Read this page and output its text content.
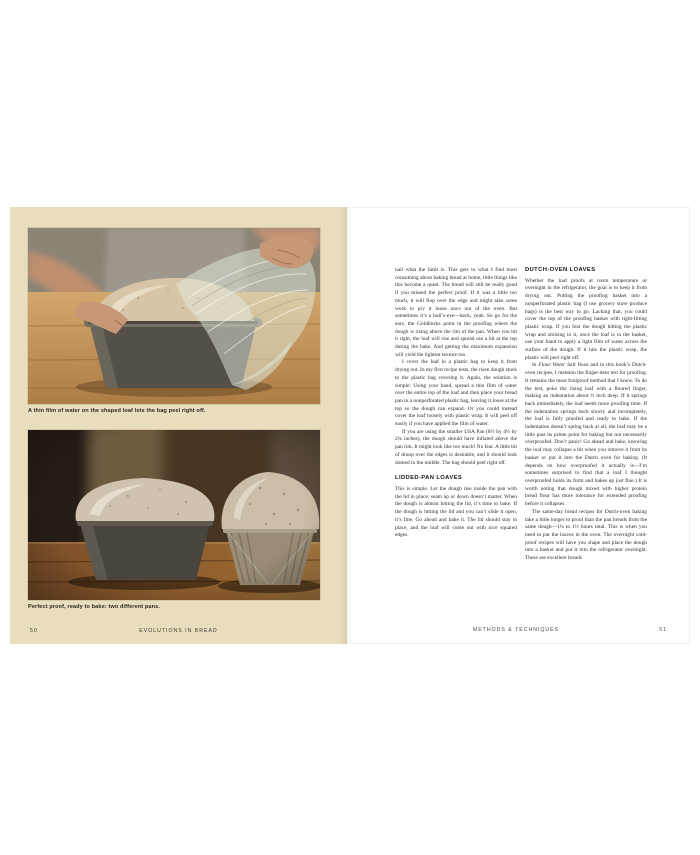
A thin film of water on the shaped loaf lets the bag peel right off.
Perfect proof, ready to bake: two different pans.
50	EVOLUTIONS IN BREAD

nail what the limit is. This gets to what I find most consuming about baking bread at home, little things like this become a quest. The bread will still be really good if you missed the perfect proof. If it was a little too much, it will flop over the edge and might take some work to pry it loose once out of the oven. But sometimes it’s a bull’s-eye—heck, yeah. So go for the ears, the Goldilocks point in the proofing where the dough is rising above the rim of the pan. When you hit it right, the loaf will rise and spread out a bit at the top during the bake. And getting the maximum expansion will yield the lightest texture too.

I cover the loaf in a plastic bag to keep it from drying out. In my first recipe tests, the risen dough stuck to the plastic bag covering it. Again, the solution is simple: Using your hand, spread a thin film of water over the entire top of the loaf and then place your bread pan in a nonperforated plastic bag, leaving it loose at the top so the dough can expand. Or you could instead cover the loaf loosely with plastic wrap. It will peel off easily if you have applied the film of water.

If you are using the smaller USA Pan (8½ by 4½ by 2¾ inches), the dough should have inflated above the pan rim. It might look like too much! No fear. A little bit of droop over the edges is desirable, and it should look domed in the middle. The bag should peel right off.

LIDDED-PAN LOAVES

This is simple. Let the dough rise inside the pan with the lid in place; seam up or down doesn’t matter. When the dough is almost hitting the lid, it’s time to bake. If the dough is hitting the lid and you can’t slide it open, it’s fine. Go ahead and bake it. The lid should stay in place, and the loaf will come out with nice squared edges.

DUTCH-OVEN LOAVES

Whether the loaf proofs at room temperature or overnight in the refrigerator, the goal is to keep it from drying out. Putting the proofing basket into a nonperforated plastic bag (I use grocery store produce bags) is the best way to go. Lacking that, you could cover the top of the proofing basket with tight-fitting plastic wrap. If you fear the dough hitting the plastic wrap and sticking to it, once the loaf is in the basket, use your hand to apply a light film of water across the surface of the dough. If it hits the plastic wrap, the plastic will peel right off.

In Flour Water Salt Yeast and in this book’s Dutch-oven recipes, I mention the finger-dent test for proofing. It remains the most foolproof method that I know. To do the test, poke the rising loaf with a floured finger, making an indentation about ½ inch deep. If it springs back immediately, the loaf needs more proofing time. If the indentation springs back slowly and incompletely, the loaf is fully proofed and ready to bake. If the indentation doesn’t spring back at all, the loaf may be a little past its prime point for baking but not necessarily overproofed. Don’t panic! Go ahead and bake, knowing the loaf may collapse a bit when you remove it from its basket or put it into the Dutch oven for baking. (It depends on how overproofed it actually is—I’m sometimes surprised to find that a loaf I thought overproofed holds its form and bakes up just fine.) It is worth noting that dough mixed with higher protein bread flour has more tolerance for extended proofing before it collapses.

The same-day bread recipes for Dutch-oven baking take a little longer to proof than the pan breads from the same dough—1¼ to 1½ hours total. This is when you need to put the loaves in the oven. The overnight cold-proof recipes will have you shape and place the dough into a basket and put it into the refrigerator overnight. These are excellent breads

METHODS & TECHNIQUES	51
